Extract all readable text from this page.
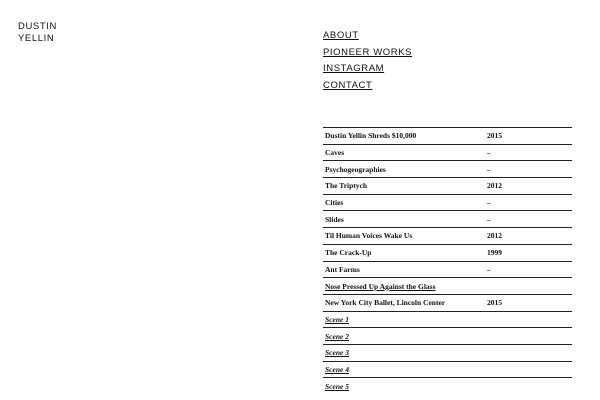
DUSTIN
YELLIN	ABOUT
PIONEER WORKS
INSTAGRAM
CONTACT
Dustin Yellin Shreds $10,000	2015
Caves	–
Psychogeographies	–
The Triptych	2012
Cities	–
Slides	–
Til Human Voices Wake Us	2012
The Crack-Up	1999
Ant Farms	–
Nose Pressed Up Against the Glass	
New York City Ballet, Lincoln Center	2015
Scene 1	
Scene 2	
Scene 3	
Scene 4	
Scene 5	
